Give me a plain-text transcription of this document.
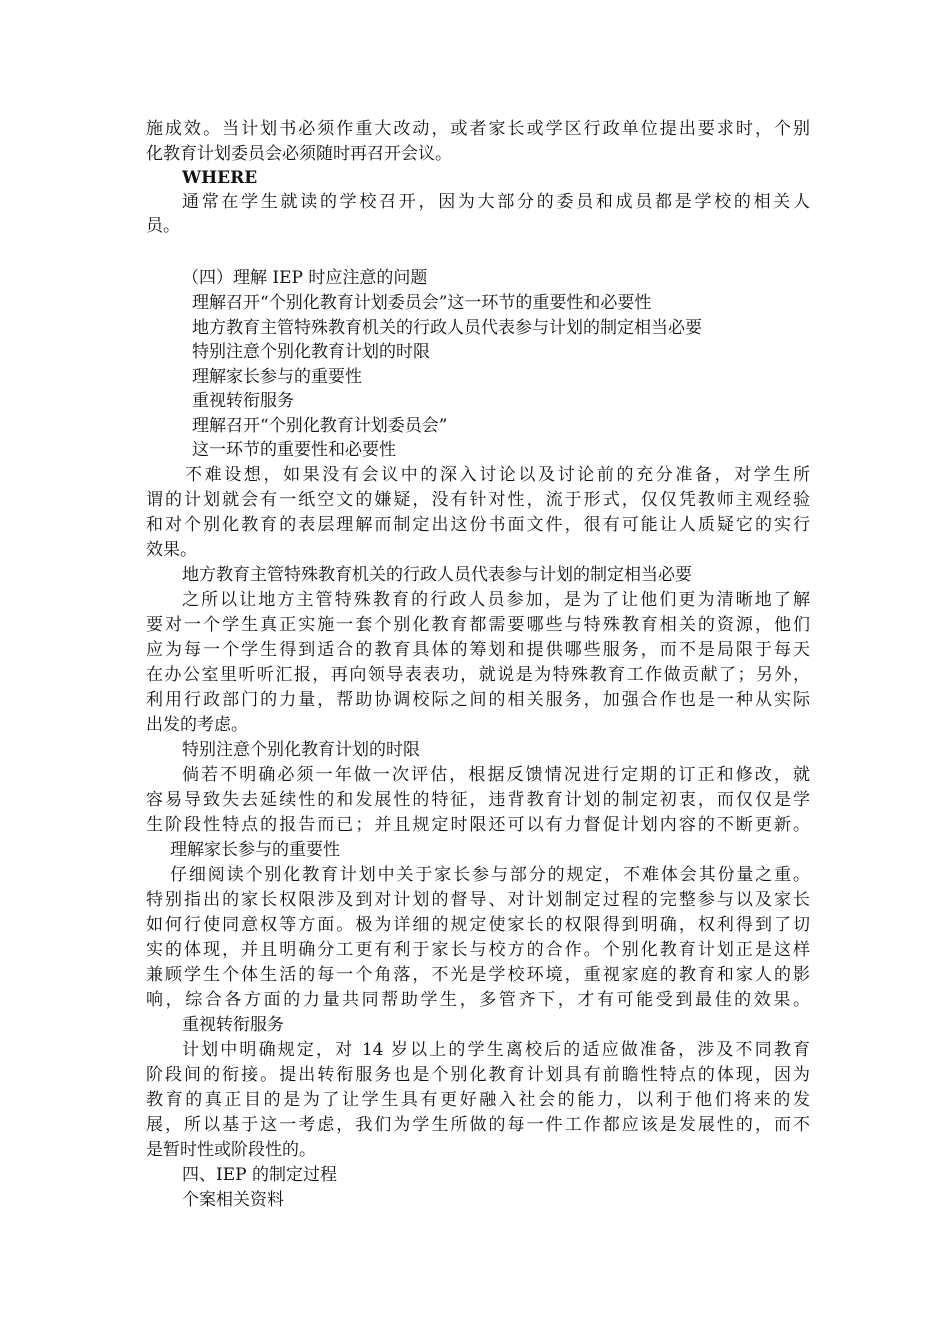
施成效。当计划书必须作重大改动，或者家长或学区行政单位提出要求时，个别
化教育计划委员会必须随时再召开会议。
WHERE
通常在学生就读的学校召开，因为大部分的委员和成员都是学校的相关人
员。
（四）理解 IEP 时应注意的问题
理解召开“个别化教育计划委员会”这一环节的重要性和必要性
地方教育主管特殊教育机关的行政人员代表参与计划的制定相当必要
特别注意个别化教育计划的时限
理解家长参与的重要性
重视转衔服务
理解召开“个别化教育计划委员会”
这一环节的重要性和必要性
不难设想，如果没有会议中的深入讨论以及讨论前的充分准备，对学生所
谓的计划就会有一纸空文的嫌疑，没有针对性，流于形式，仅仅凭教师主观经验
和对个别化教育的表层理解而制定出这份书面文件，很有可能让人质疑它的实行
效果。
地方教育主管特殊教育机关的行政人员代表参与计划的制定相当必要
之所以让地方主管特殊教育的行政人员参加，是为了让他们更为清晰地了解
要对一个学生真正实施一套个别化教育都需要哪些与特殊教育相关的资源，他们
应为每一个学生得到适合的教育具体的筹划和提供哪些服务，而不是局限于每天
在办公室里听听汇报，再向领导表表功，就说是为特殊教育工作做贡献了；另外，
利用行政部门的力量，帮助协调校际之间的相关服务，加强合作也是一种从实际
出发的考虑。
特别注意个别化教育计划的时限
倘若不明确必须一年做一次评估，根据反馈情况进行定期的订正和修改，就
容易导致失去延续性的和发展性的特征，违背教育计划的制定初衷，而仅仅是学
生阶段性特点的报告而已；并且规定时限还可以有力督促计划内容的不断更新。
理解家长参与的重要性
仔细阅读个别化教育计划中关于家长参与部分的规定，不难体会其份量之重。
特别指出的家长权限涉及到对计划的督导、对计划制定过程的完整参与以及家长
如何行使同意权等方面。极为详细的规定使家长的权限得到明确，权利得到了切
实的体现，并且明确分工更有利于家长与校方的合作。个别化教育计划正是这样
兼顾学生个体生活的每一个角落，不光是学校环境，重视家庭的教育和家人的影
响，综合各方面的力量共同帮助学生，多管齐下，才有可能受到最佳的效果。
重视转衔服务
计划中明确规定，对 14 岁以上的学生离校后的适应做准备，涉及不同教育
阶段间的衔接。提出转衔服务也是个别化教育计划具有前瞻性特点的体现，因为
教育的真正目的是为了让学生具有更好融入社会的能力，以利于他们将来的发
展，所以基于这一考虑，我们为学生所做的每一件工作都应该是发展性的，而不
是暂时性或阶段性的。
四、IEP 的制定过程
个案相关资料
